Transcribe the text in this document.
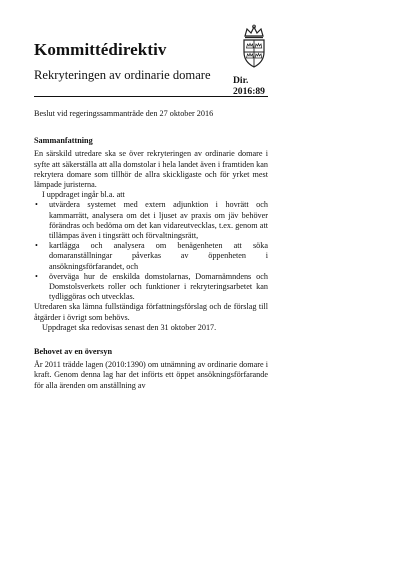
Kommittédirektiv
Rekryteringen av ordinarie domare Dir.
2016:89

Beslut vid regeringssammanträde den 27 oktober 2016

Sammanfattning

En särskild utredare ska se över rekryteringen av ordinarie domare i syfte att säkerställa att alla domstolar i hela landet även i framtiden kan rekrytera domare som tillhör de allra skickligaste och för yrket mest lämpade juristerna.

I uppdraget ingår bl.a. att

• utvärdera systemet med extern adjunktion i hovrätt och kammarrätt, analysera om det i ljuset av praxis om jäv behöver förändras och bedöma om det kan vidareutvecklas, t.ex. genom att tillämpas även i tingsrätt och förvaltningsrätt,
• kartlägga och analysera om benägenheten att söka domaranställningar påverkas av öppenheten i ansökningsförfarandet, och
• överväga hur de enskilda domstolarnas, Domarnämndens och Domstolsverkets roller och funktioner i rekryteringsarbetet kan tydliggöras och utvecklas.

Utredaren ska lämna fullständiga författningsförslag och de förslag till åtgärder i övrigt som behövs.

Uppdraget ska redovisas senast den 31 oktober 2017.

Behovet av en översyn

År 2011 trädde lagen (2010:1390) om utnämning av ordinarie domare i kraft. Genom denna lag har det införts ett öppet ansökningsförfarande för alla ärenden om anställning av
